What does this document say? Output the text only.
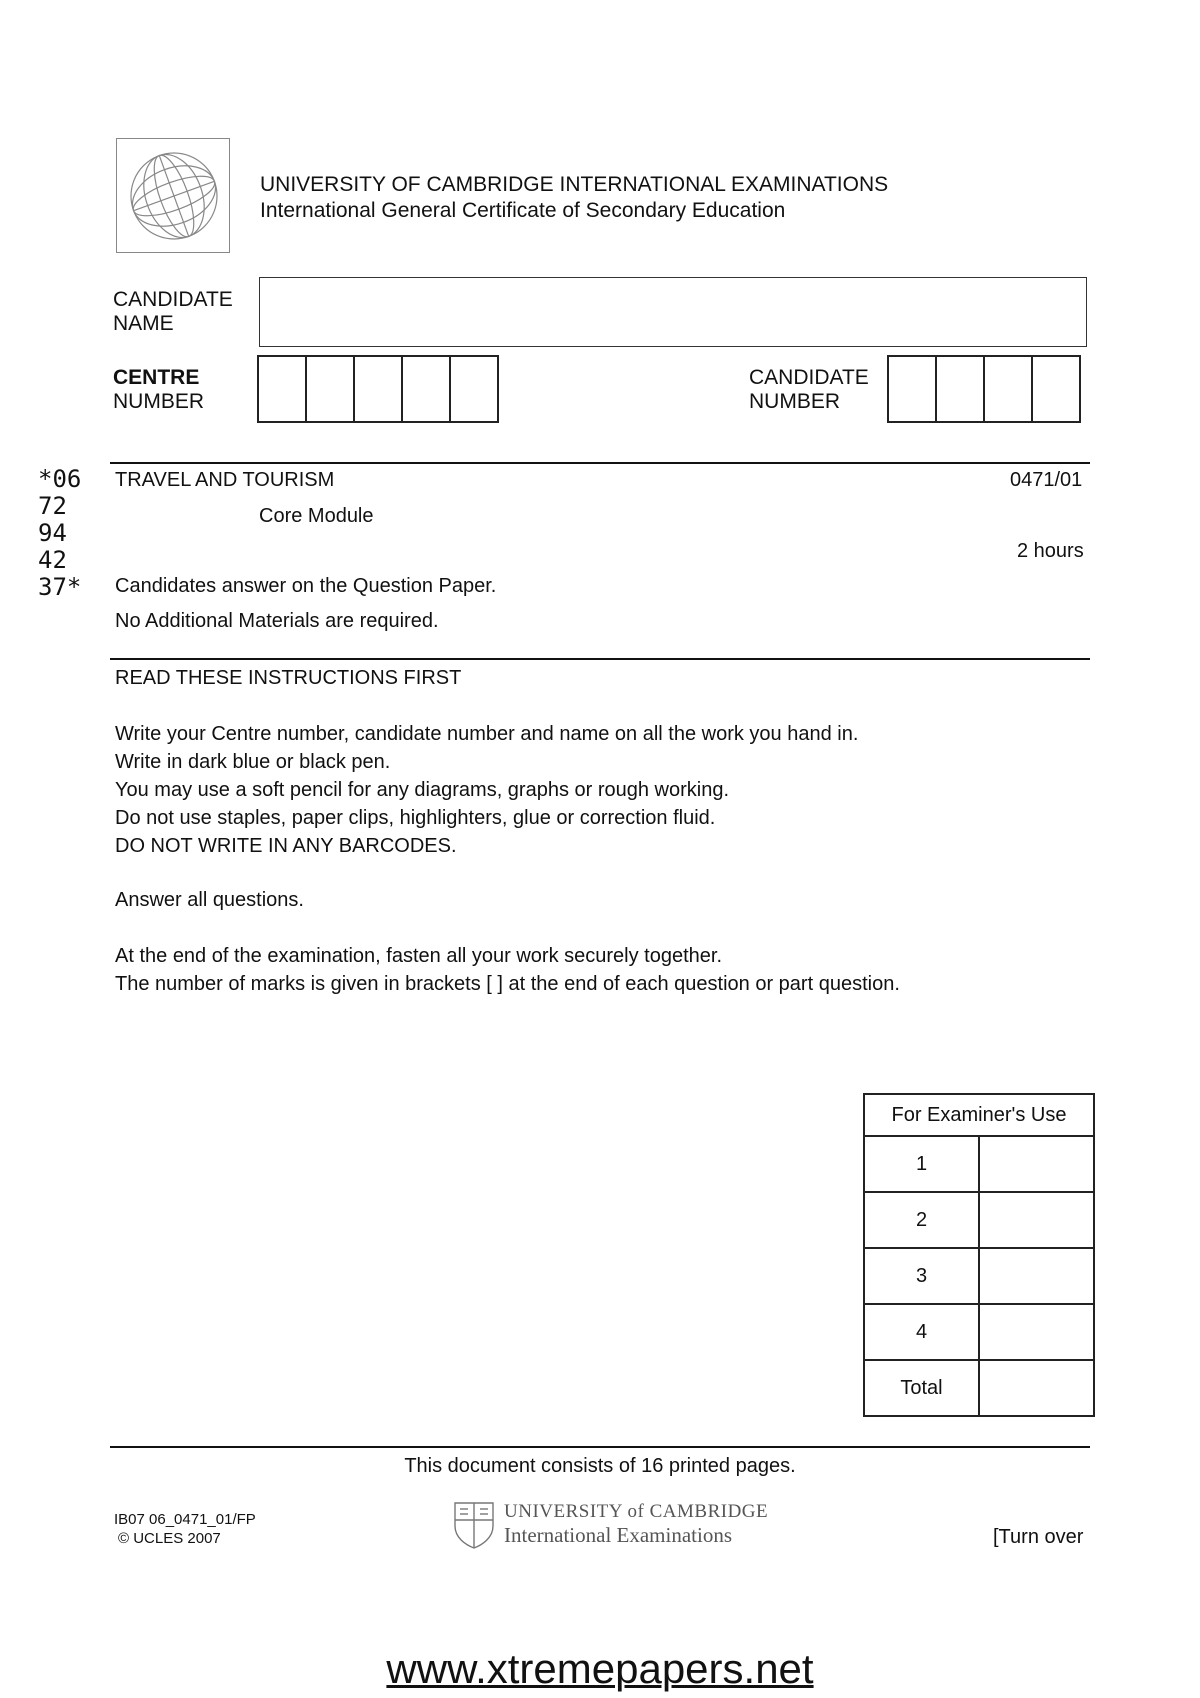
UNIVERSITY OF CAMBRIDGE INTERNATIONAL EXAMINATIONS
International General Certificate of Secondary Education
CANDIDATE
NAME
CENTRE
NUMBER
CANDIDATE
NUMBER
*06
72
94
42
37*
TRAVEL AND TOURISM	0471/01
Core Module
2 hours
Candidates answer on the Question Paper.
No Additional Materials are required.
READ THESE INSTRUCTIONS FIRST
Write your Centre number, candidate number and name on all the work you hand in.
Write in dark blue or black pen.
You may use a soft pencil for any diagrams, graphs or rough working.
Do not use staples, paper clips, highlighters, glue or correction fluid.
DO NOT WRITE IN ANY BARCODES.
Answer all questions.
At the end of the examination, fasten all your work securely together.
The number of marks is given in brackets [ ] at the end of each question or part question.
For Examiner's Use	
1	
2	
3	
4	
Total	
This document consists of 16 printed pages.
IB07 06_0471_01/FP
© UCLES 2007
UNIVERSITY of CAMBRIDGE
International Examinations	[Turn over
www.xtremepapers.net
